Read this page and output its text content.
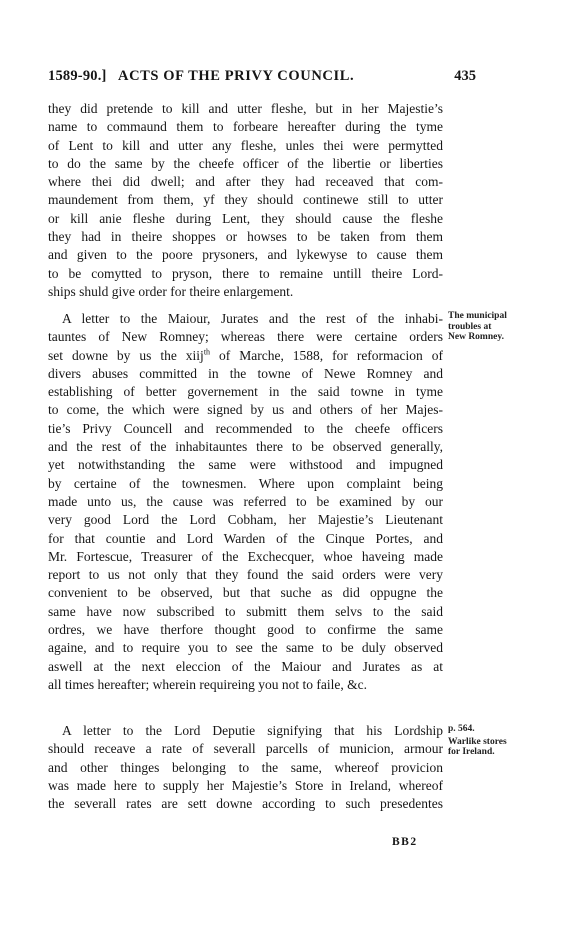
1589-90.] ACTS OF THE PRIVY COUNCIL.	435
they did pretende to kill and utter fleshe, but in her Majestie’s
name to commaund them to forbeare hereafter during the tyme
of Lent to kill and utter any fleshe, unles thei were permytted
to do the same by the cheefe officer of the libertie or liberties
where thei did dwell; and after they had receaved that com-
maundement from them, yf they should continewe still to utter
or kill anie fleshe during Lent, they should cause the fleshe
they had in theire shoppes or howses to be taken from them
and given to the poore prysoners, and lykewyse to cause them
to be comytted to pryson, there to remaine untill theire Lord-
ships shuld give order for theire enlargement.
A letter to the Maiour, Jurates and the rest of the inhabi-
tauntes of New Romney; whereas there were certaine orders
set downe by us the xiij$^{th}$ of Marche, 1588, for reformacion of
divers abuses committed in the towne of Newe Romney and
establishing of better governement in the said towne in tyme
to come, the which were signed by us and others of her Majes-
tie’s Privy Councell and recommended to the cheefe officers
and the rest of the inhabitauntes there to be observed generally,
yet notwithstanding the same were withstood and impugned
by certaine of the townesmen. Where upon complaint being
made unto us, the cause was referred to be examined by our
very good Lord the Lord Cobham, her Majestie’s Lieutenant
for that countie and Lord Warden of the Cinque Portes, and
Mr. Fortescue, Treasurer of the Exchecquer, whoe haveing made
report to us not only that they found the said orders were very
convenient to be observed, but that suche as did oppugne the
same have now subscribed to submitt them selvs to the said
ordres, we have therfore thought good to confirme the same
againe, and to require you to see the same to be duly observed
aswell at the next eleccion of the Maiour and Jurates as at
all times hereafter; wherein requireing you not to faile, &c.
A letter to the Lord Deputie signifying that his Lordship
should receave a rate of severall parcells of municion, armour
and other thinges belonging to the same, whereof provicion
was made here to supply her Majestie’s Store in Ireland, whereof
the severall rates are sett downe according to such presedentes
The municipal
troubles at
New Romney.
p. 564.
Warlike stores
for Ireland.
BB2
